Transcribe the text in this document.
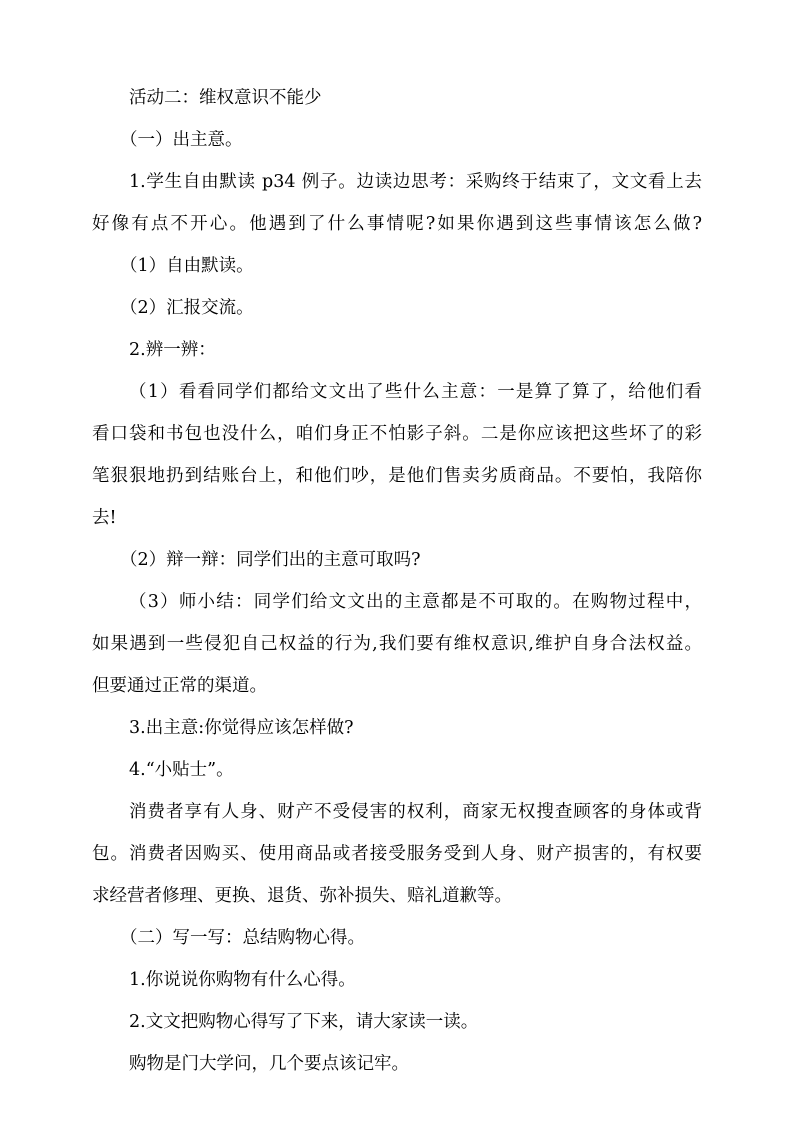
活动二：维权意识不能少
（一）出主意。
1.学生自由默读 p34 例子。边读边思考：采购终于结束了，文文看上去
好像有点不开心。他遇到了什么事情呢?如果你遇到这些事情该怎么做?
（1）自由默读。
（2）汇报交流。
2.辨一辨：
（1）看看同学们都给文文出了些什么主意：一是算了算了，给他们看
看口袋和书包也没什么，咱们身正不怕影子斜。二是你应该把这些坏了的彩
笔狠狠地扔到结账台上，和他们吵，是他们售卖劣质商品。不要怕，我陪你
去!
（2）辩一辩：同学们出的主意可取吗?
（3）师小结：同学们给文文出的主意都是不可取的。在购物过程中，
如果遇到一些侵犯自己权益的行为,我们要有维权意识,维护自身合法权益。
但要通过正常的渠道。
3.出主意:你觉得应该怎样做?
4.“小贴士”。
消费者享有人身、财产不受侵害的权利，商家无权搜查顾客的身体或背
包。消费者因购买、使用商品或者接受服务受到人身、财产损害的，有权要
求经营者修理、更换、退货、弥补损失、赔礼道歉等。
（二）写一写：总结购物心得。
1.你说说你购物有什么心得。
2.文文把购物心得写了下来，请大家读一读。
购物是门大学问，几个要点该记牢。
